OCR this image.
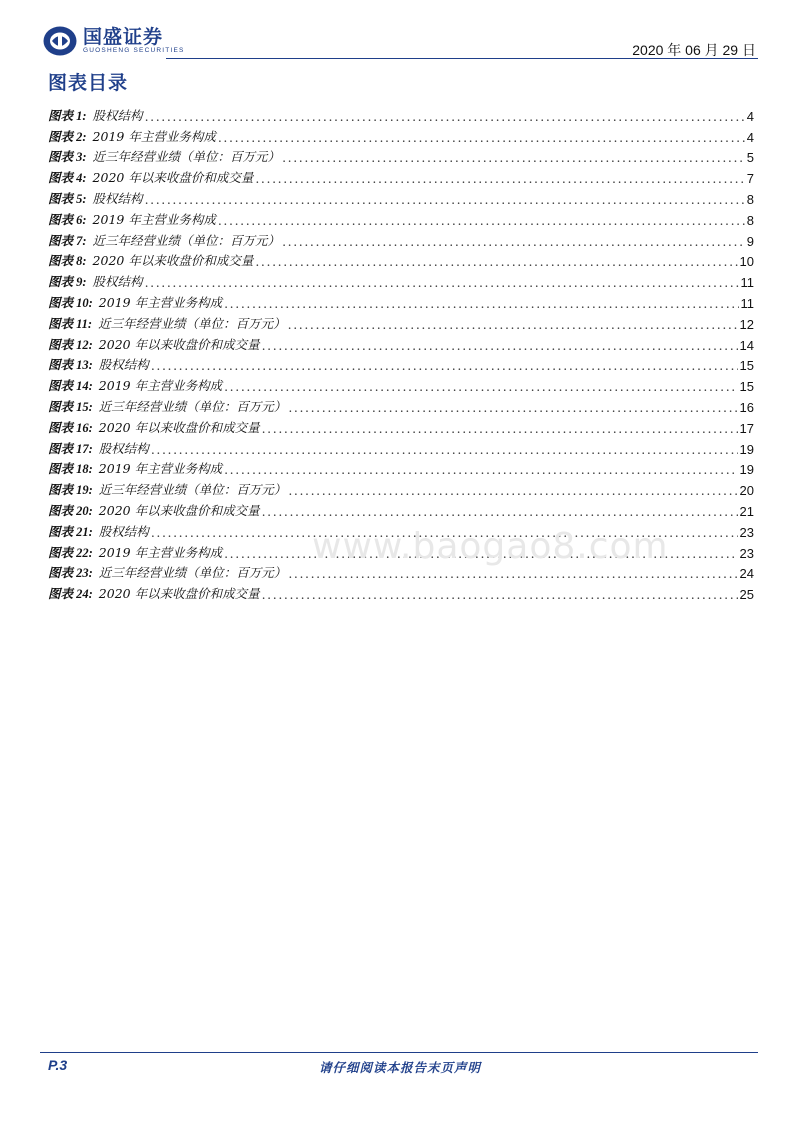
国盛证券
GUOSHENG SECURITIES	2020 年 06 月 29 日
图表目录
图表 1: 股权结构 .....	4
图表 2: 2019 年主营业务构成 .....	4
图表 3: 近三年经营业绩（单位：百万元） .....	5
图表 4: 2020 年以来收盘价和成交量 .....	7
图表 5: 股权结构 .....	8
图表 6: 2019 年主营业务构成 .....	8
图表 7: 近三年经营业绩（单位：百万元） .....	9
图表 8: 2020 年以来收盘价和成交量 .....	10
图表 9: 股权结构 .....	11
图表 10: 2019 年主营业务构成 .....	11
图表 11: 近三年经营业绩（单位：百万元） .....	12
图表 12: 2020 年以来收盘价和成交量 .....	14
图表 13: 股权结构 .....	15
图表 14: 2019 年主营业务构成 .....	15
图表 15: 近三年经营业绩（单位：百万元） .....	16
图表 16: 2020 年以来收盘价和成交量 .....	17
图表 17: 股权结构 .....	19
图表 18: 2019 年主营业务构成 .....	19
图表 19: 近三年经营业绩（单位：百万元） .....	20
图表 20: 2020 年以来收盘价和成交量 .....	21
图表 21: 股权结构 .....	23
图表 22: 2019 年主营业务构成 .....	23
图表 23: 近三年经营业绩（单位：百万元） .....	24
图表 24: 2020 年以来收盘价和成交量 .....	25
www.baogao8.com
P.3	请仔细阅读本报告末页声明
